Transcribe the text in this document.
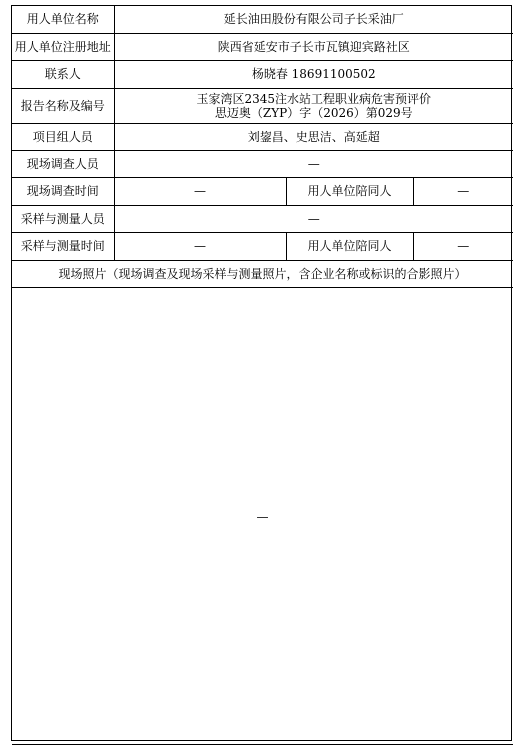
用人单位名称	延长油田股份有限公司子长采油厂		
用人单位注册地址	陕西省延安市子长市瓦镇迎宾路社区		
联系人	杨晓春 18691100502		
报告名称及编号	玉家湾区2345注水站工程职业病危害预评价
思迈奥（ZYP）字（2026）第029号		

项目组人员	刘鋆昌、史思洁、高延超		
现场调查人员	—		
现场调查时间	—	用人单位陪同人	—
采样与测量人员	—		
采样与测量时间	—	用人单位陪同人	—
现场照片（现场调查及现场采样与测量照片，含企业名称或标识的合影照片）			

—			
